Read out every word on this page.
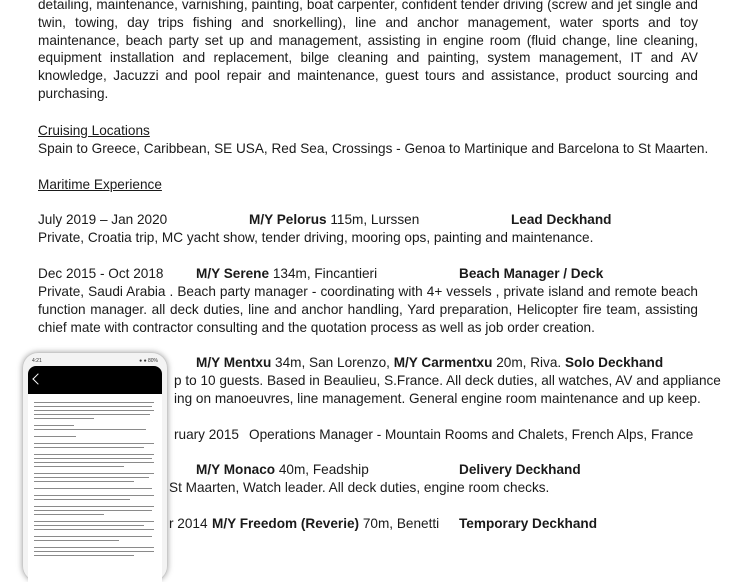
detailing, maintenance, varnishing, painting, boat carpenter, confident tender driving (screw and jet single and twin, towing, day trips fishing and snorkelling), line and anchor management, water sports and toy maintenance, beach party set up and management, assisting in engine room (fluid change, line cleaning, equipment installation and replacement, bilge cleaning and painting, system management, IT and AV knowledge, Jacuzzi and pool repair and maintenance, guest tours and assistance, product sourcing and purchasing.
Cruising Locations
Spain to Greece, Caribbean, SE USA, Red Sea, Crossings - Genoa to Martinique and Barcelona to St Maarten.
Maritime Experience
July 2019 – Jan 2020	M/Y Pelorus 115m, Lurssen	Lead Deckhand
Private, Croatia trip, MC yacht show, tender driving, mooring ops, painting and maintenance.
Dec 2015 - Oct 2018 M/Y Serene 134m, Fincantieri	Beach Manager / Deck
Private, Saudi Arabia . Beach party manager - coordinating with 4+ vessels , private island and remote beach function manager. all deck duties, line and anchor handling, Yard preparation, Helicopter fire team, assisting chief mate with contractor consulting and the quotation process as well as job order creation.
M/Y Mentxu 34m, San Lorenzo, M/Y Carmentxu 20m, Riva. Solo Deckhand
p to 10 guests. Based in Beaulieu, S.France. All deck duties, all watches, AV and appliance
ing on manoeuvres, line management. General engine room maintenance and up keep.
ruary 2015 Operations Manager - Mountain Rooms and Chalets, French Alps, France
M/Y Monaco 40m, Feadship	Delivery Deckhand
St Maarten, Watch leader. All deck duties, engine room checks.
r 2014 M/Y Freedom (Reverie) 70m, Benetti Temporary Deckhand
4:21	● ● 80%
